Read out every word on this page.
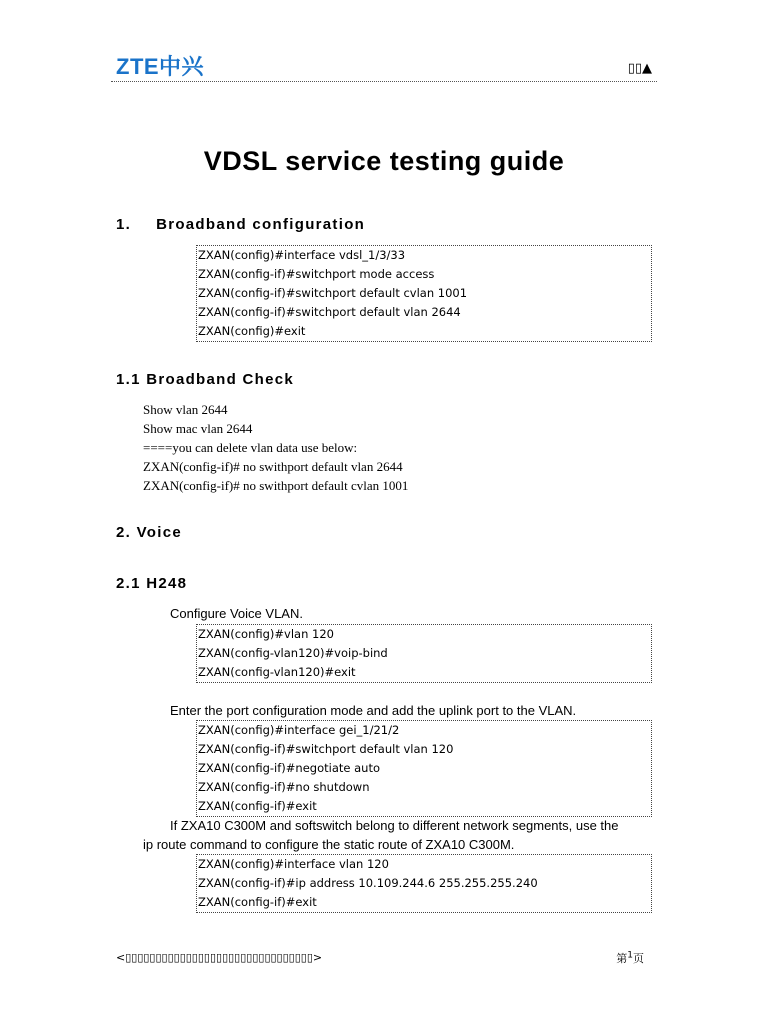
ZTE中兴	▯▯▲
VDSL service testing guide
1. Broadband configuration
ZXAN(config)#interface vdsl_1/3/33
ZXAN(config-if)#switchport mode access
ZXAN(config-if)#switchport default cvlan 1001
ZXAN(config-if)#switchport default vlan 2644
ZXAN(config)#exit
1.1 Broadband Check
Show vlan 2644
Show mac vlan 2644
====you can delete vlan data use below:
ZXAN(config-if)# no swithport default vlan 2644
ZXAN(config-if)# no swithport default cvlan 1001
2. Voice
2.1 H248
Configure Voice VLAN.
ZXAN(config)#vlan 120
ZXAN(config-vlan120)#voip-bind
ZXAN(config-vlan120)#exit
Enter the port configuration mode and add the uplink port to the VLAN.
ZXAN(config)#interface gei_1/21/2
ZXAN(config-if)#switchport default vlan 120
ZXAN(config-if)#negotiate auto
ZXAN(config-if)#no shutdown
ZXAN(config-if)#exit
If ZXA10 C300M and softswitch belong to different network segments, use the
ip route command to configure the static route of ZXA10 C300M.
ZXAN(config)#interface vlan 120
ZXAN(config-if)#ip address 10.109.244.6 255.255.255.240
ZXAN(config-if)#exit
<▯▯▯▯▯▯▯▯▯▯▯▯▯▯▯▯▯▯▯▯▯▯▯▯▯▯▯▯▯▯▯>	第$^1$页
